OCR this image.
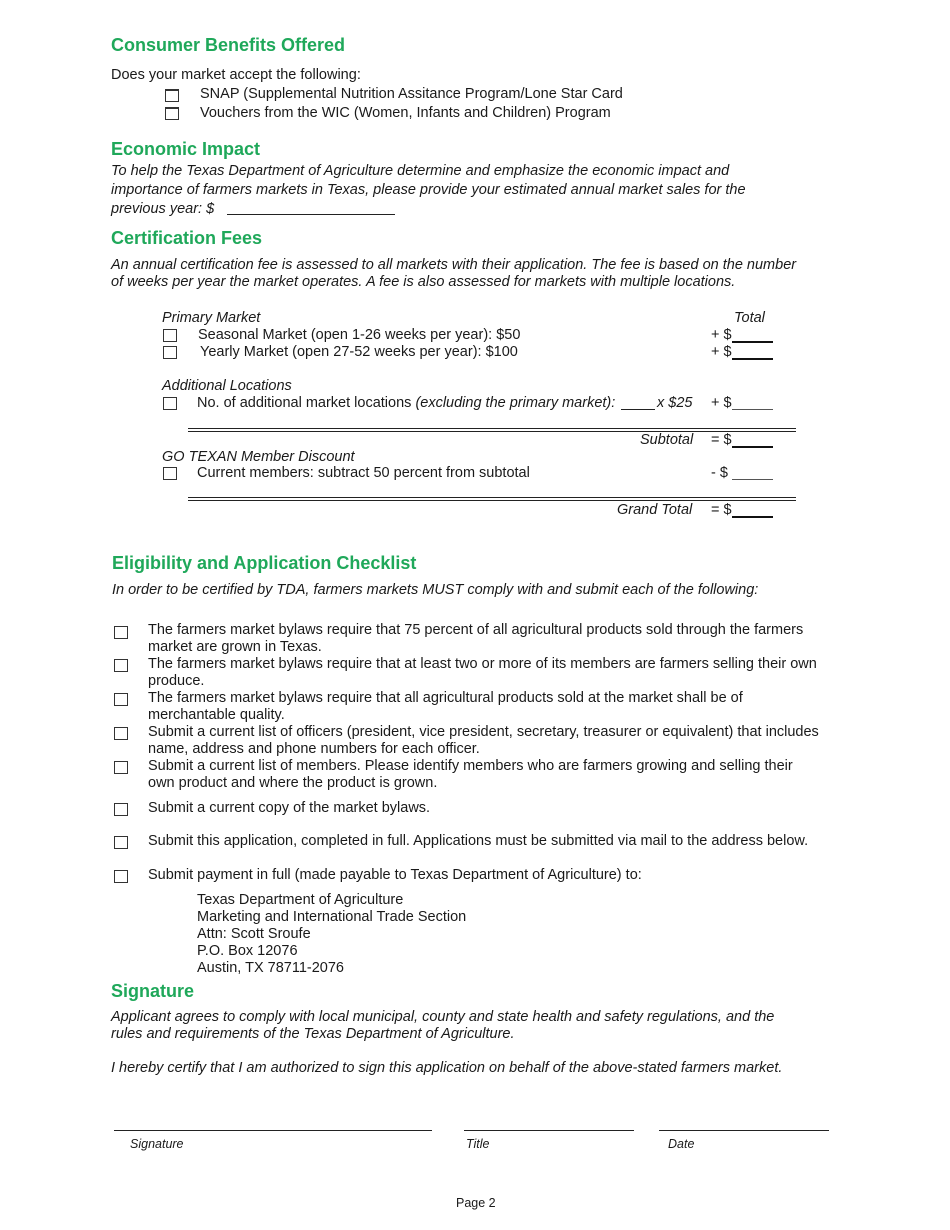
Consumer Benefits Offered
Does your market accept the following:
SNAP (Supplemental Nutrition Assitance Program/Lone Star Card
Vouchers from the WIC (Women, Infants and Children) Program
Economic Impact
To help the Texas Department of Agriculture determine and emphasize the economic impact and
importance of farmers markets in Texas, please provide your estimated annual market sales for the
previous year: $
Certification Fees
An annual certification fee is assessed to all markets with their application. The fee is based on the number
of weeks per year the market operates. A fee is also assessed for markets with multiple locations.
Primary Market	Total
Seasonal Market (open 1-26 weeks per year): $50	+ $
Yearly Market (open 27-52 weeks per year): $100	+ $
Additional Locations
No. of additional market locations (excluding the primary market):	x $25 + $
Subtotal = $
GO TEXAN Member Discount
Current members: subtract 50 percent from subtotal	- $
Grand Total = $
Eligibility and Application Checklist
In order to be certified by TDA, farmers markets MUST comply with and submit each of the following:
The farmers market bylaws require that 75 percent of all agricultural products sold through the farmers
market are grown in Texas.
The farmers market bylaws require that at least two or more of its members are farmers selling their own
produce.
The farmers market bylaws require that all agricultural products sold at the market shall be of
merchantable quality.
Submit a current list of officers (president, vice president, secretary, treasurer or equivalent) that includes
name, address and phone numbers for each officer.
Submit a current list of members. Please identify members who are farmers growing and selling their
own product and where the product is grown.
Submit a current copy of the market bylaws.
Submit this application, completed in full. Applications must be submitted via mail to the address below.
Submit payment in full (made payable to Texas Department of Agriculture) to:
Texas Department of Agriculture
Marketing and International Trade Section
Attn: Scott Sroufe
P.O. Box 12076
Austin, TX 78711-2076
Signature
Applicant agrees to comply with local municipal, county and state health and safety regulations, and the
rules and requirements of the Texas Department of Agriculture.
I hereby certify that I am authorized to sign this application on behalf of the above-stated farmers market.
Signature	Title	Date
Page 2
